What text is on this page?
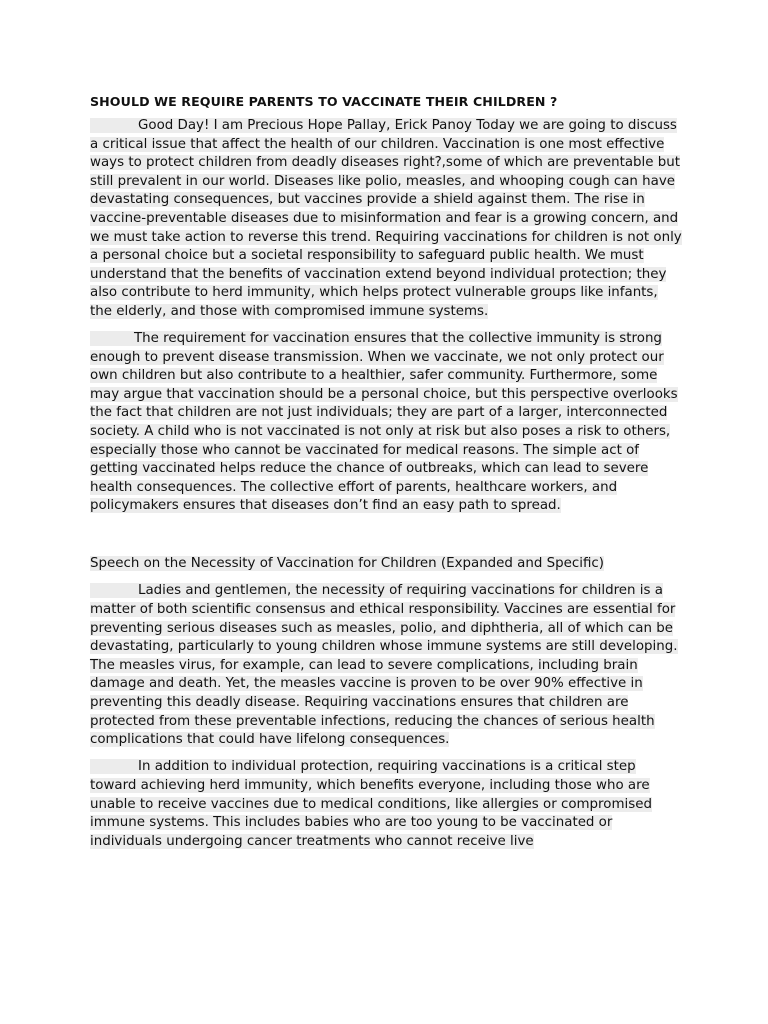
SHOULD WE REQUIRE PARENTS TO VACCINATE THEIR CHILDREN ?

Good Day! I am Precious Hope Pallay, Erick Panoy Today we are going to discuss a critical issue that affect the health of our children. Vaccination is one most effective ways to protect children from deadly diseases right?,some of which are preventable but still prevalent in our world. Diseases like polio, measles, and whooping cough can have devastating consequences, but vaccines provide a shield against them. The rise in vaccine-preventable diseases due to misinformation and fear is a growing concern, and we must take action to reverse this trend. Requiring vaccinations for children is not only a personal choice but a societal responsibility to safeguard public health. We must understand that the benefits of vaccination extend beyond individual protection; they also contribute to herd immunity, which helps protect vulnerable groups like infants, the elderly, and those with compromised immune systems.

The requirement for vaccination ensures that the collective immunity is strong enough to prevent disease transmission. When we vaccinate, we not only protect our own children but also contribute to a healthier, safer community. Furthermore, some may argue that vaccination should be a personal choice, but this perspective overlooks the fact that children are not just individuals; they are part of a larger, interconnected society. A child who is not vaccinated is not only at risk but also poses a risk to others, especially those who cannot be vaccinated for medical reasons. The simple act of getting vaccinated helps reduce the chance of outbreaks, which can lead to severe health consequences. The collective effort of parents, healthcare workers, and policymakers ensures that diseases don’t find an easy path to spread.

Speech on the Necessity of Vaccination for Children (Expanded and Specific)

Ladies and gentlemen, the necessity of requiring vaccinations for children is a matter of both scientific consensus and ethical responsibility. Vaccines are essential for preventing serious diseases such as measles, polio, and diphtheria, all of which can be devastating, particularly to young children whose immune systems are still developing. The measles virus, for example, can lead to severe complications, including brain damage and death. Yet, the measles vaccine is proven to be over 90% effective in preventing this deadly disease. Requiring vaccinations ensures that children are protected from these preventable infections, reducing the chances of serious health complications that could have lifelong consequences.

In addition to individual protection, requiring vaccinations is a critical step toward achieving herd immunity, which benefits everyone, including those who are unable to receive vaccines due to medical conditions, like allergies or compromised immune systems. This includes babies who are too young to be vaccinated or individuals undergoing cancer treatments who cannot receive live
